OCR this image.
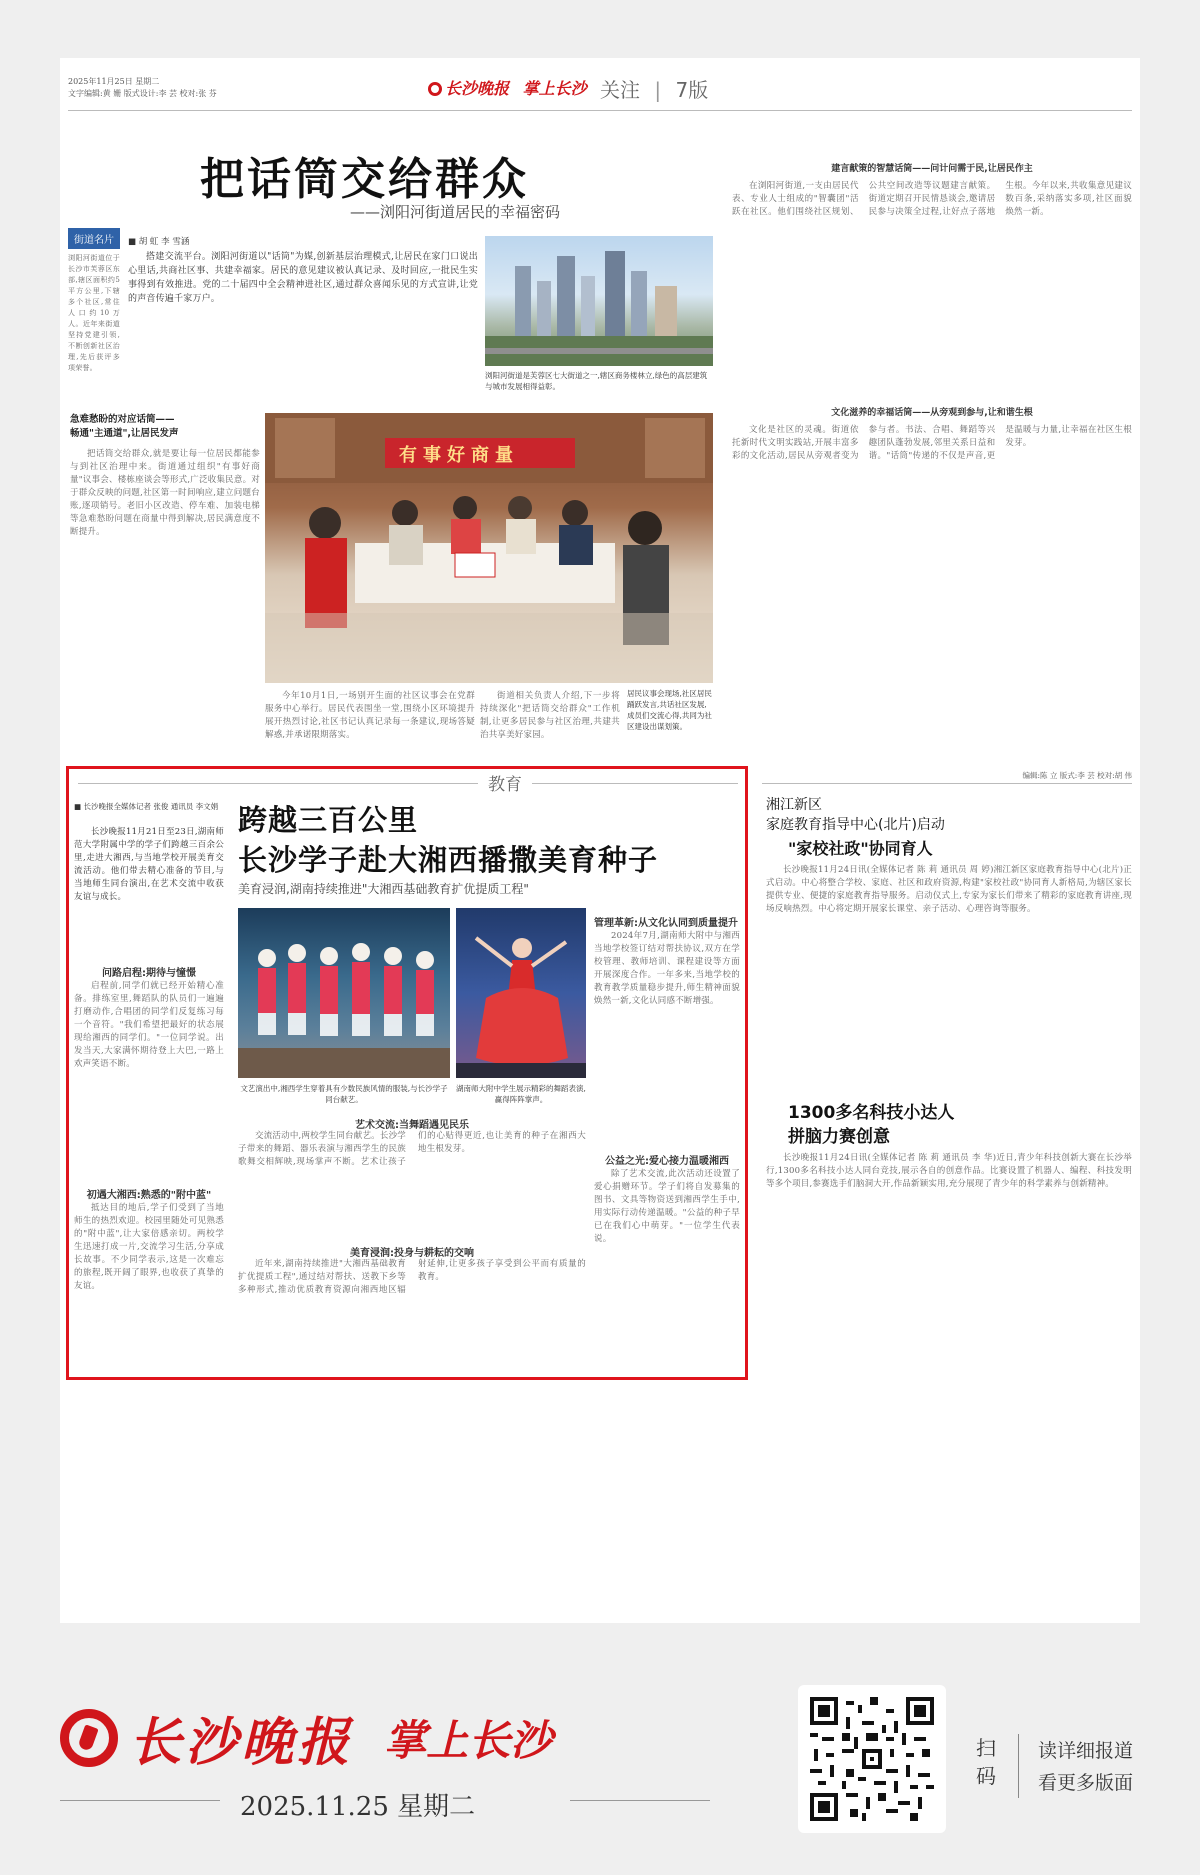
2025年11月25日 星期二
文字编辑:黄 姗 版式设计:李 芸 校对:张 芬	长沙晚报 掌上长沙 关注 | 7版
把话筒交给群众
——浏阳河街道居民的幸福密码
街道名片
浏阳河街道位于长沙市芙蓉区东部,辖区面积约5平方公里,下辖多个社区,常住人口约10万人。近年来街道坚持党建引领,不断创新社区治理,先后获评多项荣誉。
■ 胡 虹 李 雪涵

搭建交流平台。浏阳河街道以"话筒"为媒,创新基层治理模式,让居民在家门口说出心里话,共商社区事、共建幸福家。居民的意见建议被认真记录、及时回应,一批民生实事得到有效推进。党的二十届四中全会精神进社区,通过群众喜闻乐见的方式宣讲,让党的声音传遍千家万户。

浏阳河街道是芙蓉区七大街道之一,辖区商务楼林立,绿色的高层建筑与城市发展相得益彰。
急难愁盼的对应话筒——
畅通"主通道",让居民发声

把话筒交给群众,就是要让每一位居民都能参与到社区治理中来。街道通过组织"有事好商量"议事会、楼栋座谈会等形式,广泛收集民意。对于群众反映的问题,社区第一时间响应,建立问题台账,逐项销号。老旧小区改造、停车难、加装电梯等急难愁盼问题在商量中得到解决,居民满意度不断提升。

有事好商量

今年10月1日,一场别开生面的社区议事会在党群服务中心举行。居民代表围坐一堂,围绕小区环境提升展开热烈讨论,社区书记认真记录每一条建议,现场答疑解惑,并承诺限期落实。

街道相关负责人介绍,下一步将持续深化"把话筒交给群众"工作机制,让更多居民参与社区治理,共建共治共享美好家园。

居民议事会现场,社区居民踊跃发言,共话社区发展,成员们交流心得,共同为社区建设出谋划策。
建言献策的智慧话筒——问计问需于民,让居民作主

在浏阳河街道,一支由居民代表、专业人士组成的"智囊团"活跃在社区。他们围绕社区规划、公共空间改造等议题建言献策。街道定期召开民情恳谈会,邀请居民参与决策全过程,让好点子落地生根。今年以来,共收集意见建议数百条,采纳落实多项,社区面貌焕然一新。

文化滋养的幸福话筒——从旁观到参与,让和谐生根

文化是社区的灵魂。街道依托新时代文明实践站,开展丰富多彩的文化活动,居民从旁观者变为参与者。书法、合唱、舞蹈等兴趣团队蓬勃发展,邻里关系日益和谐。"话筒"传递的不仅是声音,更是温暖与力量,让幸福在社区生根发芽。

教育
■ 长沙晚报全媒体记者 张俊 通讯员 李文娟 跨越三百公里
长沙学子赴大湘西播撒美育种子
美育浸润,湖南持续推进"大湘西基础教育扩优提质工程"

长沙晚报11月21日至23日,湖南师范大学附属中学的学子们跨越三百余公里,走进大湘西,与当地学校开展美育交流活动。他们带去精心准备的节目,与当地师生同台演出,在艺术交流中收获友谊与成长。

问路启程:期待与憧憬

启程前,同学们就已经开始精心准备。排练室里,舞蹈队的队员们一遍遍打磨动作,合唱团的同学们反复练习每一个音符。"我们希望把最好的状态展现给湘西的同学们。"一位同学说。出发当天,大家满怀期待登上大巴,一路上欢声笑语不断。

初遇大湘西:熟悉的"附中蓝"

抵达目的地后,学子们受到了当地师生的热烈欢迎。校园里随处可见熟悉的"附中蓝",让大家倍感亲切。两校学生迅速打成一片,交流学习生活,分享成长故事。不少同学表示,这是一次难忘的旅程,既开阔了眼界,也收获了真挚的友谊。

文艺演出中,湘西学生穿着具有少数民族风情的服装,与长沙学子同台献艺。
湖南师大附中学生展示精彩的舞蹈表演,赢得阵阵掌声。
艺术交流:当舞蹈遇见民乐

交流活动中,两校学生同台献艺。长沙学子带来的舞蹈、器乐表演与湘西学生的民族歌舞交相辉映,现场掌声不断。艺术让孩子们的心贴得更近,也让美育的种子在湘西大地生根发芽。

美育浸润:投身与耕耘的交响

近年来,湖南持续推进"大湘西基础教育扩优提质工程",通过结对帮扶、送教下乡等多种形式,推动优质教育资源向湘西地区辐射延伸,让更多孩子享受到公平而有质量的教育。

管理革新:从文化认同到质量提升

2024年7月,湖南师大附中与湘西当地学校签订结对帮扶协议,双方在学校管理、教师培训、课程建设等方面开展深度合作。一年多来,当地学校的教育教学质量稳步提升,师生精神面貌焕然一新,文化认同感不断增强。

公益之光:爱心接力温暖湘西

除了艺术交流,此次活动还设置了爱心捐赠环节。学子们将自发募集的图书、文具等物资送到湘西学生手中,用实际行动传递温暖。"公益的种子早已在我们心中萌芽。"一位学生代表说。

编辑:陈 立 版式:李 芸 校对:胡 伟
湘江新区
家庭教育指导中心(北片)启动
"家校社政"协同育人

长沙晚报11月24日讯(全媒体记者 陈 莉 通讯员 周 婷)湘江新区家庭教育指导中心(北片)正式启动。中心将整合学校、家庭、社区和政府资源,构建"家校社政"协同育人新格局,为辖区家长提供专业、便捷的家庭教育指导服务。启动仪式上,专家为家长们带来了精彩的家庭教育讲座,现场反响热烈。中心将定期开展家长课堂、亲子活动、心理咨询等服务。

1300多名科技小达人
拼脑力赛创意

长沙晚报11月24日讯(全媒体记者 陈 莉 通讯员 李 华)近日,青少年科技创新大赛在长沙举行,1300多名科技小达人同台竞技,展示各自的创意作品。比赛设置了机器人、编程、科技发明等多个项目,参赛选手们脑洞大开,作品新颖实用,充分展现了青少年的科学素养与创新精神。

长沙晚报 掌上长沙
2025.11.25 星期二
扫码
读详细报道
看更多版面
